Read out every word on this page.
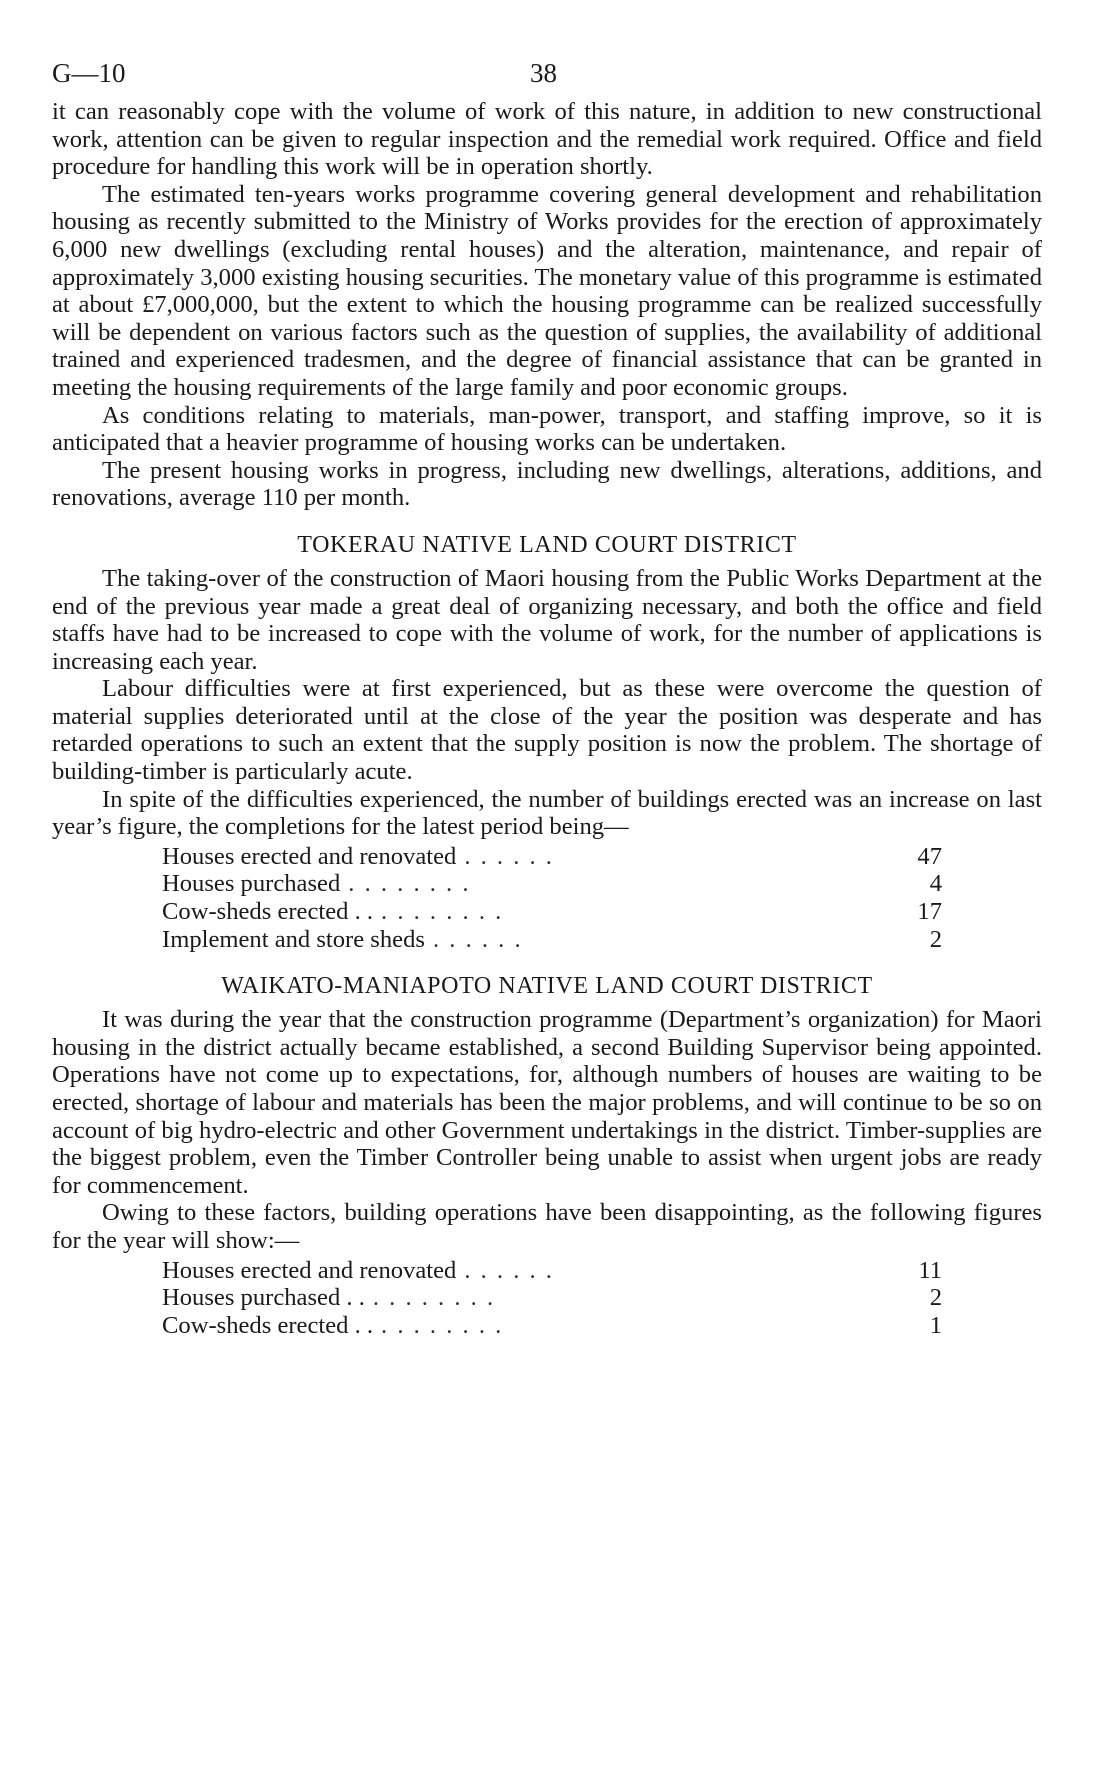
G—10	38

it can reasonably cope with the volume of work of this nature, in addition to new constructional work, attention can be given to regular inspection and the remedial work required. Office and field procedure for handling this work will be in operation shortly.

The estimated ten-years works programme covering general development and rehabilitation housing as recently submitted to the Ministry of Works provides for the erection of approximately 6,000 new dwellings (excluding rental houses) and the alteration, maintenance, and repair of approximately 3,000 existing housing securities. The monetary value of this programme is estimated at about £7,000,000, but the extent to which the housing programme can be realized successfully will be dependent on various factors such as the question of supplies, the availability of additional trained and experienced tradesmen, and the degree of financial assistance that can be granted in meeting the housing requirements of the large family and poor economic groups.

As conditions relating to materials, man-power, transport, and staffing improve, so it is anticipated that a heavier programme of housing works can be undertaken.

The present housing works in progress, including new dwellings, alterations, additions, and renovations, average 110 per month.

TOKERAU NATIVE LAND COURT DISTRICT

The taking-over of the construction of Maori housing from the Public Works Department at the end of the previous year made a great deal of organizing necessary, and both the office and field staffs have had to be increased to cope with the volume of work, for the number of applications is increasing each year.

Labour difficulties were at first experienced, but as these were overcome the question of material supplies deteriorated until at the close of the year the position was desperate and has retarded operations to such an extent that the supply position is now the problem. The shortage of building-timber is particularly acute.

In spite of the difficulties experienced, the number of buildings erected was an increase on last year’s figure, the completions for the latest period being—

Houses erected and renovated . . . . . .	47
Houses purchased . . . . . . . .	4
Cow-sheds erected . . . . . . . . . .	17
Implement and store sheds . . . . . .	2
WAIKATO-MANIAPOTO NATIVE LAND COURT DISTRICT

It was during the year that the construction programme (Department’s organization) for Maori housing in the district actually became established, a second Building Supervisor being appointed. Operations have not come up to expectations, for, although numbers of houses are waiting to be erected, shortage of labour and materials has been the major problems, and will continue to be so on account of big hydro-electric and other Government undertakings in the district. Timber-supplies are the biggest problem, even the Timber Controller being unable to assist when urgent jobs are ready for commencement.

Owing to these factors, building operations have been disappointing, as the following figures for the year will show:—

Houses erected and renovated . . . . . .	11
Houses purchased . . . . . . . . . .	2
Cow-sheds erected . . . . . . . . . .	1
